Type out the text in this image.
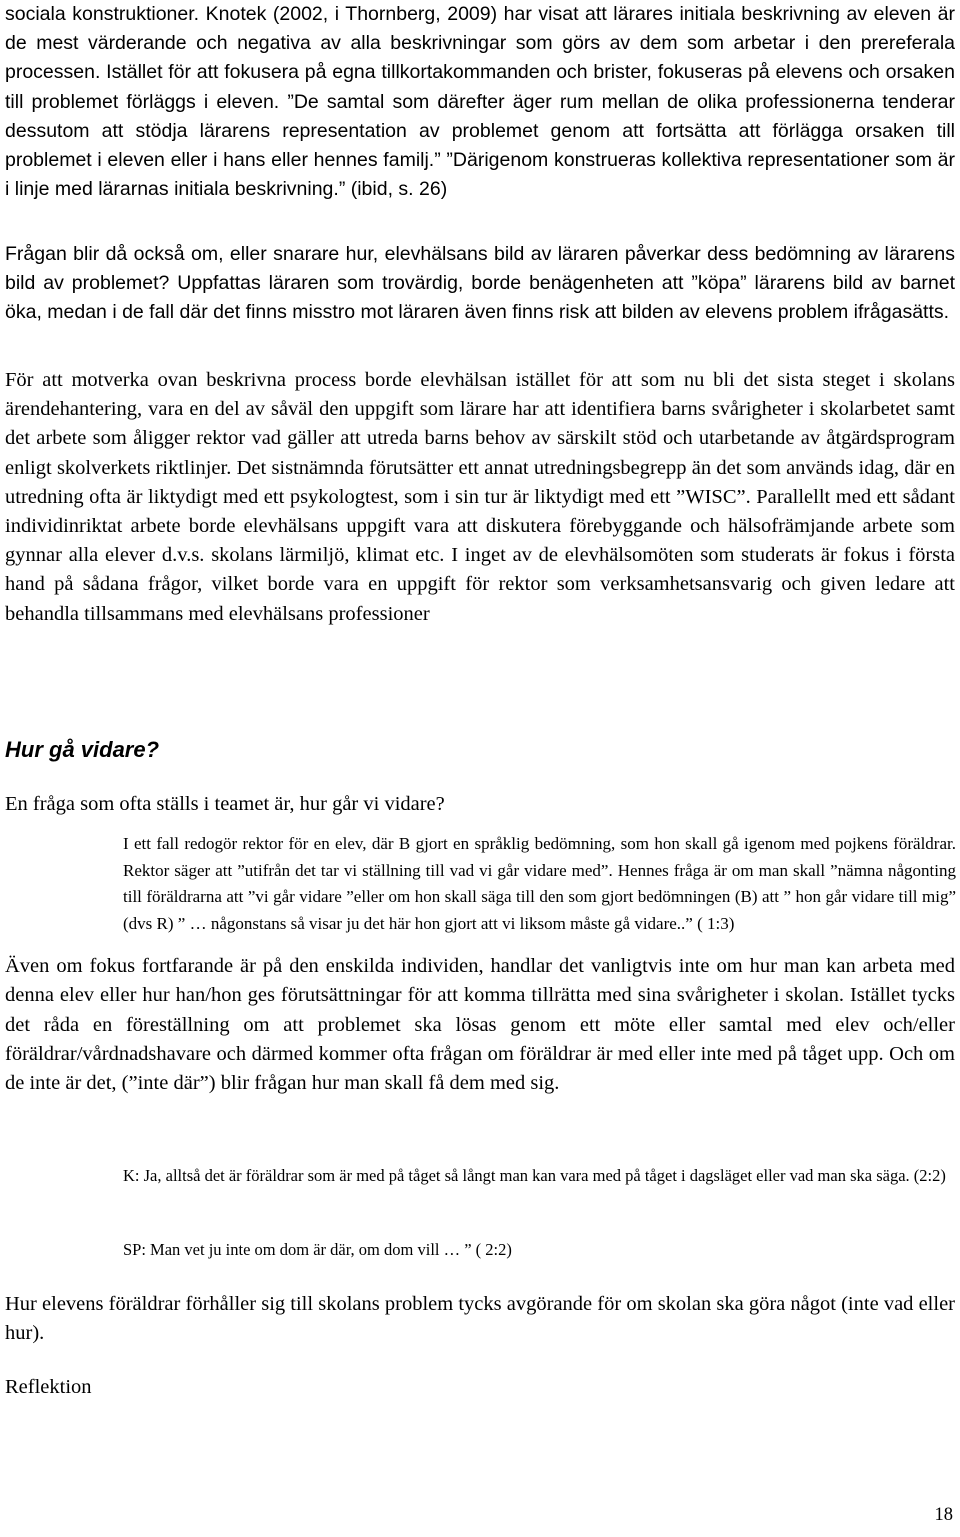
sociala konstruktioner. Knotek (2002, i Thornberg, 2009) har visat att lärares initiala beskrivning av eleven är de mest värderande och negativa av alla beskrivningar som görs av dem som arbetar i den prereferala processen. Istället för att fokusera på egna tillkortakommanden och brister, fokuseras på elevens och orsaken till problemet förläggs i eleven. ”De samtal som därefter äger rum mellan de olika professionerna tenderar dessutom att stödja lärarens representation av problemet genom att fortsätta att förlägga orsaken till problemet i eleven eller i hans eller hennes familj.” ”Därigenom konstrueras kollektiva representationer som är i linje med lärarnas initiala beskrivning.” (ibid, s. 26)

Frågan blir då också om, eller snarare hur, elevhälsans bild av läraren påverkar dess bedömning av lärarens bild av problemet? Uppfattas läraren som trovärdig, borde benägenheten att ”köpa” lärarens bild av barnet öka, medan i de fall där det finns misstro mot läraren även finns risk att bilden av elevens problem ifrågasätts.

För att motverka ovan beskrivna process borde elevhälsan istället för att som nu bli det sista steget i skolans ärendehantering, vara en del av såväl den uppgift som lärare har att identifiera barns svårigheter i skolarbetet samt det arbete som åligger rektor vad gäller att utreda barns behov av särskilt stöd och utarbetande av åtgärdsprogram enligt skolverkets riktlinjer. Det sistnämnda förutsätter ett annat utredningsbegrepp än det som används idag, där en utredning ofta är liktydigt med ett psykologtest, som i sin tur är liktydigt med ett ”WISC”. Parallellt med ett sådant individinriktat arbete borde elevhälsans uppgift vara att diskutera förebyggande och hälsofrämjande arbete som gynnar alla elever d.v.s. skolans lärmiljö, klimat etc. I inget av de elevhälsomöten som studerats är fokus i första hand på sådana frågor, vilket borde vara en uppgift för rektor som verksamhetsansvarig och given ledare att behandla tillsammans med elevhälsans professioner

Hur gå vidare?

En fråga som ofta ställs i teamet är, hur går vi vidare?

I ett fall redogör rektor för en elev, där B gjort en språklig bedömning, som hon skall gå igenom med pojkens föräldrar. Rektor säger att ”utifrån det tar vi ställning till vad vi går vidare med”. Hennes fråga är om man skall ”nämna någonting till föräldrarna att ”vi går vidare ”eller om hon skall säga till den som gjort bedömningen (B) att ” hon går vidare till mig” (dvs R) ” … någonstans så visar ju det här hon gjort att vi liksom måste gå vidare..” ( 1:3)

Även om fokus fortfarande är på den enskilda individen, handlar det vanligtvis inte om hur man kan arbeta med denna elev eller hur han/hon ges förutsättningar för att komma tillrätta med sina svårigheter i skolan. Istället tycks det råda en föreställning om att problemet ska lösas genom ett möte eller samtal med elev och/eller föräldrar/vårdnadshavare och därmed kommer ofta frågan om föräldrar är med eller inte med på tåget upp. Och om de inte är det, (”inte där”) blir frågan hur man skall få dem med sig.

K: Ja, alltså det är föräldrar som är med på tåget så långt man kan vara med på tåget i dagsläget eller vad man ska säga. (2:2)

SP: Man vet ju inte om dom är där, om dom vill … ” ( 2:2)

Hur elevens föräldrar förhåller sig till skolans problem tycks avgörande för om skolan ska göra något (inte vad eller hur).

Reflektion

18
